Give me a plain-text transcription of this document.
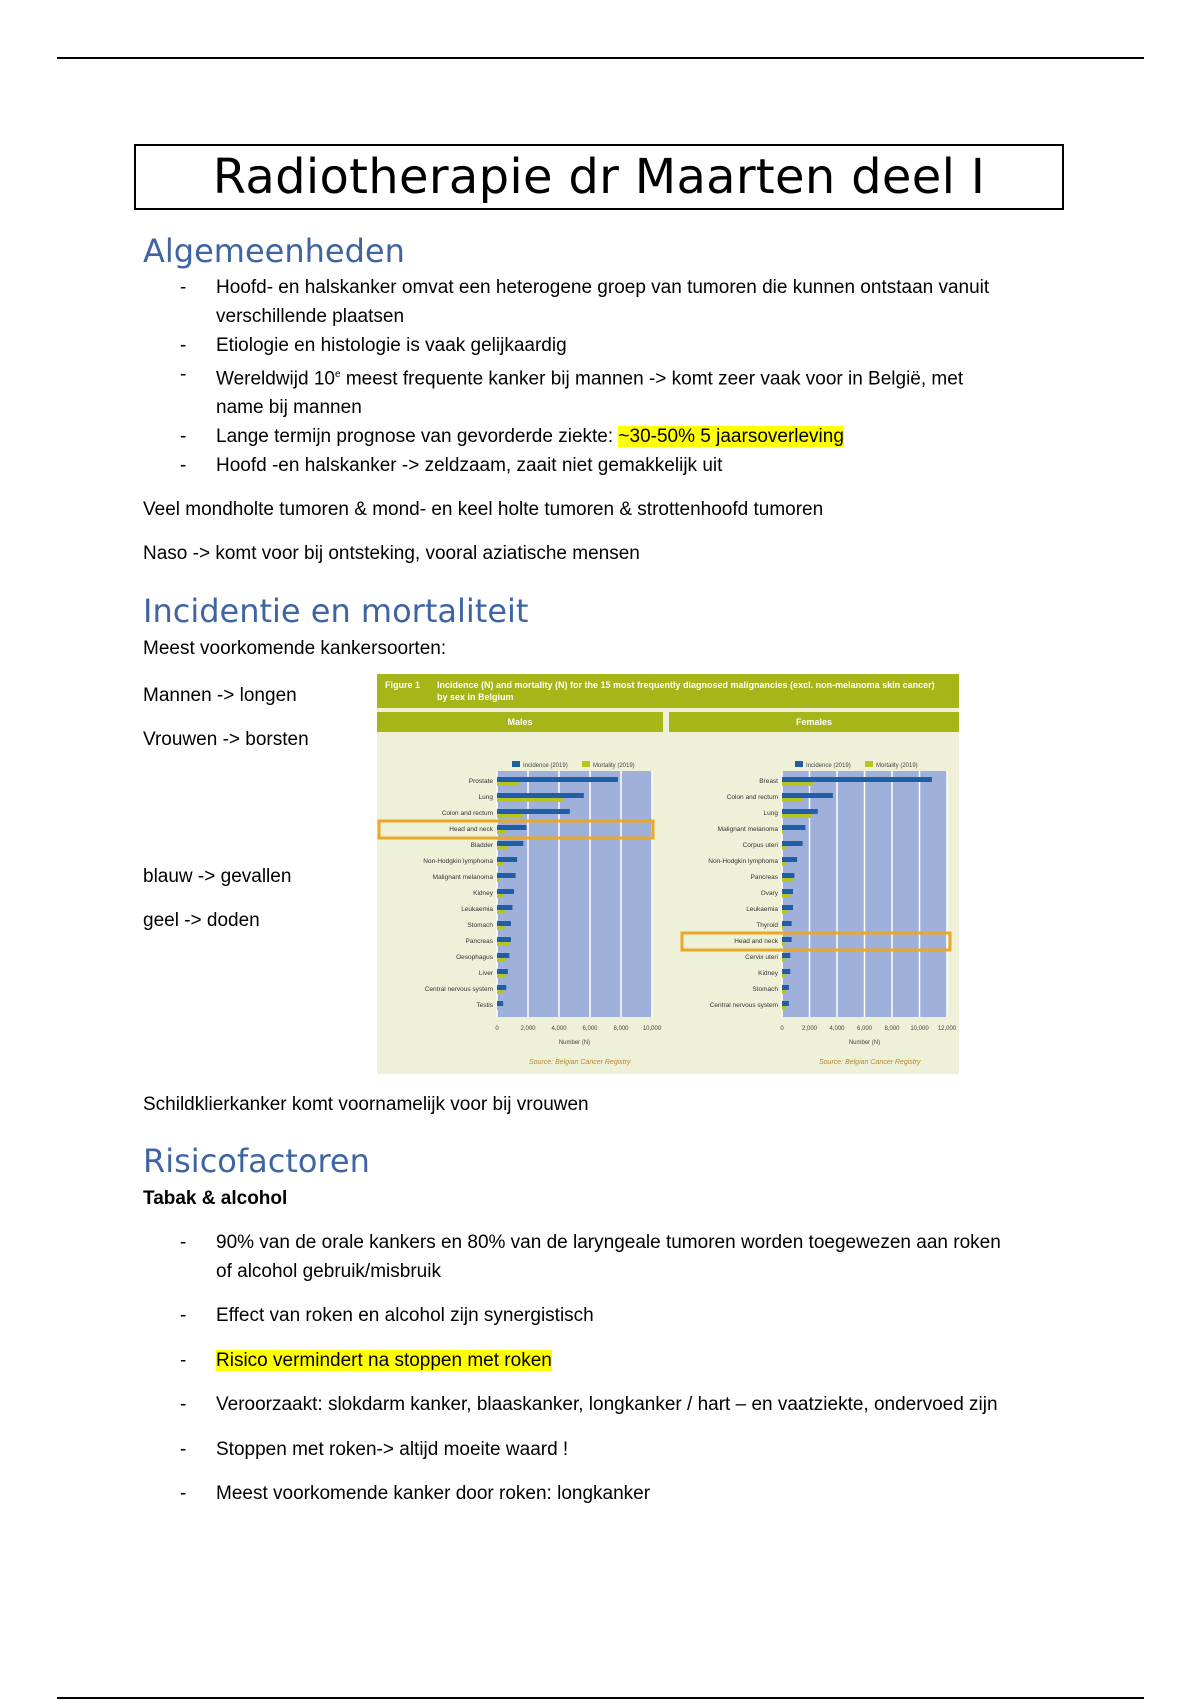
Radiotherapie dr Maarten deel I
Algemeenheden
- Hoofd- en halskanker omvat een heterogene groep van tumoren die kunnen ontstaan vanuit
verschillende plaatsen
- Etiologie en histologie is vaak gelijkaardig
- Wereldwijd 10e meest frequente kanker bij mannen -> komt zeer vaak voor in België, met
name bij mannen
- Lange termijn prognose van gevorderde ziekte: ~30-50% 5 jaarsoverleving
- Hoofd -en halskanker -> zeldzaam, zaait niet gemakkelijk uit
Veel mondholte tumoren & mond- en keel holte tumoren & strottenhoofd tumoren
Naso -> komt voor bij ontsteking, vooral aziatische mensen
Incidentie en mortaliteit
Meest voorkomende kankersoorten:
Mannen -> longen
Vrouwen -> borsten
blauw -> gevallen
geel -> doden
Figure 1 Incidence (N) and mortality (N) for the 15 most frequently diagnosed malignancies (excl. non-melanoma skin cancer) by sex in Belgium
Males	Females
0	2,000	4,000	6,000	8,000 10,000
Number (N)
Incidence (2019)	Mortality (2019)
Prostate
Lung
Colon and rectum
Head and neck
Bladder
Non-Hodgkin lymphoma
Malignant melanoma
Kidney
Leukaemia
Stomach
Pancreas
Oesophagus
Liver
Central nervous system
Testis
0	2,000 4,000 6,000 8,000 10,000 12,000
Number (N)
Incidence (2019)	Mortality (2019)
Breast
Colon and rectum
Lung
Malignant melanoma
Corpus uteri
Non-Hodgkin lymphoma
Pancreas
Ovary
Leukaemia
Thyroid
Head and neck
Cervix uteri
Kidney
Stomach
Central nervous system
Source: Belgian Cancer Registry	Source: Belgian Cancer Registry
Schildklierkanker komt voornamelijk voor bij vrouwen
Risicofactoren
Tabak & alcohol
- 90% van de orale kankers en 80% van de laryngeale tumoren worden toegewezen aan roken
of alcohol gebruik/misbruik
- Effect van roken en alcohol zijn synergistisch
- Risico vermindert na stoppen met roken
- Veroorzaakt: slokdarm kanker, blaaskanker, longkanker / hart – en vaatziekte, ondervoed zijn
- Stoppen met roken-> altijd moeite waard !
- Meest voorkomende kanker door roken: longkanker
